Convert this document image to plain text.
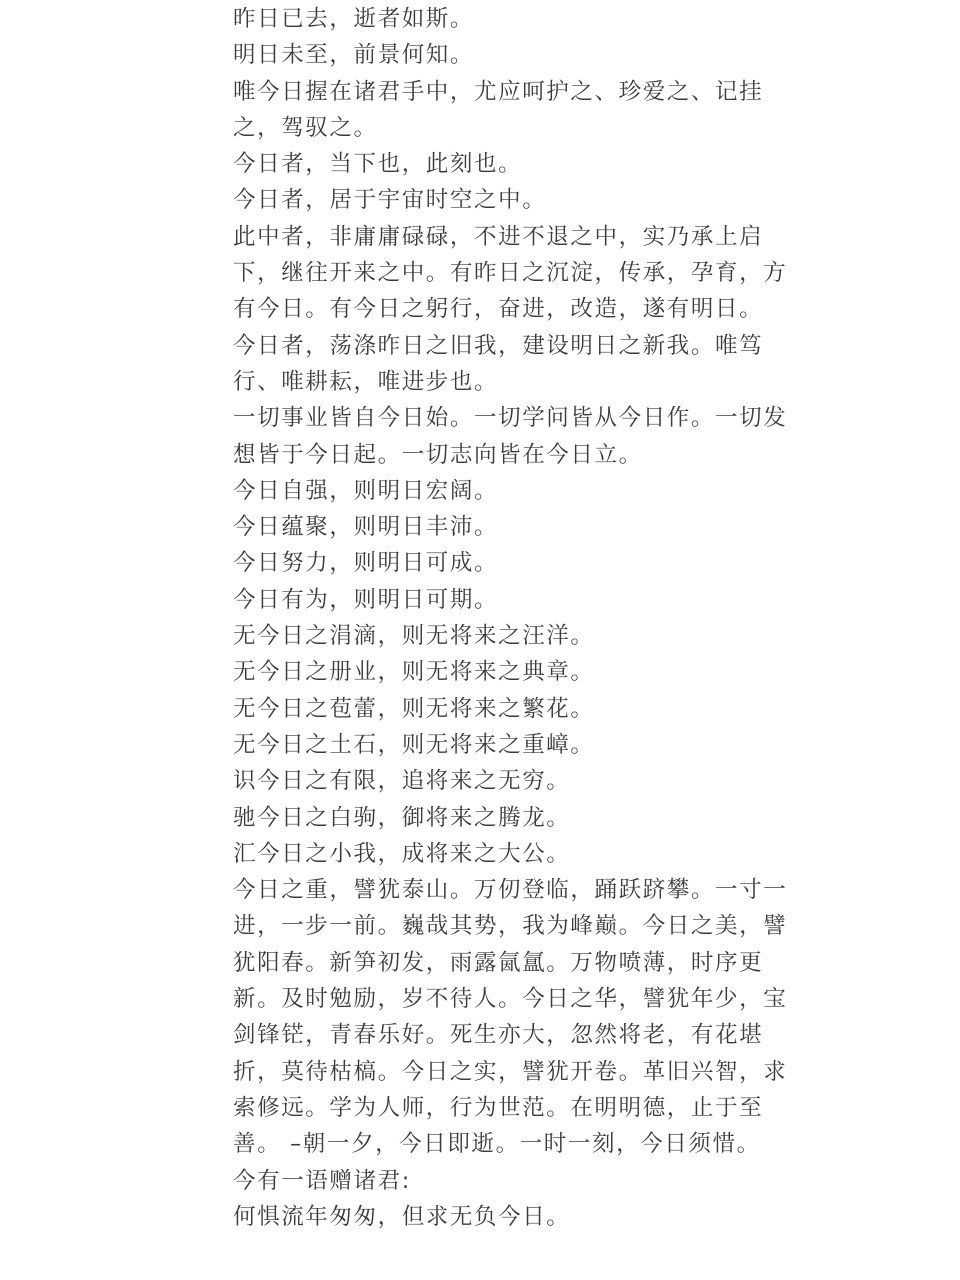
昨日已去，逝者如斯。
明日未至，前景何知。
唯今日握在诸君手中，尤应呵护之、珍爱之、记挂
之，驾驭之。
今日者，当下也，此刻也。
今日者，居于宇宙时空之中。
此中者，非庸庸碌碌，不进不退之中，实乃承上启
下，继往开来之中。有昨日之沉淀，传承，孕育，方
有今日。有今日之躬行，奋进，改造，遂有明日。
今日者，荡涤昨日之旧我，建设明日之新我。唯笃
行、唯耕耘，唯进步也。
一切事业皆自今日始。一切学问皆从今日作。一切发
想皆于今日起。一切志向皆在今日立。
今日自强，则明日宏阔。
今日蕴聚，则明日丰沛。
今日努力，则明日可成。
今日有为，则明日可期。
无今日之涓滴，则无将来之汪洋。
无今日之册业，则无将来之典章。
无今日之苞蕾，则无将来之繁花。
无今日之土石，则无将来之重嶂。
识今日之有限，追将来之无穷。
驰今日之白驹，御将来之腾龙。
汇今日之小我，成将来之大公。
今日之重，譬犹泰山。万仞登临，踊跃跻攀。一寸一
进，一步一前。巍哉其势，我为峰巅。今日之美，譬
犹阳春。新笋初发，雨露氤氲。万物喷薄，时序更
新。及时勉励，岁不待人。今日之华，譬犹年少，宝
剑锋铓，青春乐好。死生亦大，忽然将老，有花堪
折，莫待枯槁。今日之实，譬犹开卷。革旧兴智，求
索修远。学为人师，行为世范。在明明德，止于至
善。 –朝一夕，今日即逝。一时一刻，今日须惜。
今有一语赠诸君:
何惧流年匆匆，但求无负今日。
